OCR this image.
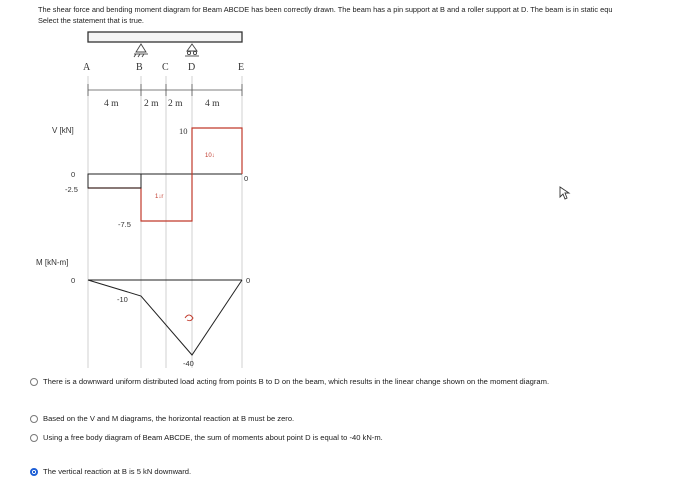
The shear force and bending moment diagram for Beam ABCDE has been correctly drawn. The beam has a pin support at B and a roller support at D. The beam is in static equ
Select the statement that is true.
A	B C D	E
4 m	2 m 2 m 4 m
V [kN]
0
-2.5
-7.5
10
0
10↓
1↓r
M [kN-m]
0
-10
-40
0
There is a downward uniform distributed load acting from points B to D on the beam, which results in the linear change shown on the moment diagram.
Based on the V and M diagrams, the horizontal reaction at B must be zero.
Using a free body diagram of Beam ABCDE, the sum of moments about point D is equal to -40 kN-m.
The vertical reaction at B is 5 kN downward.
